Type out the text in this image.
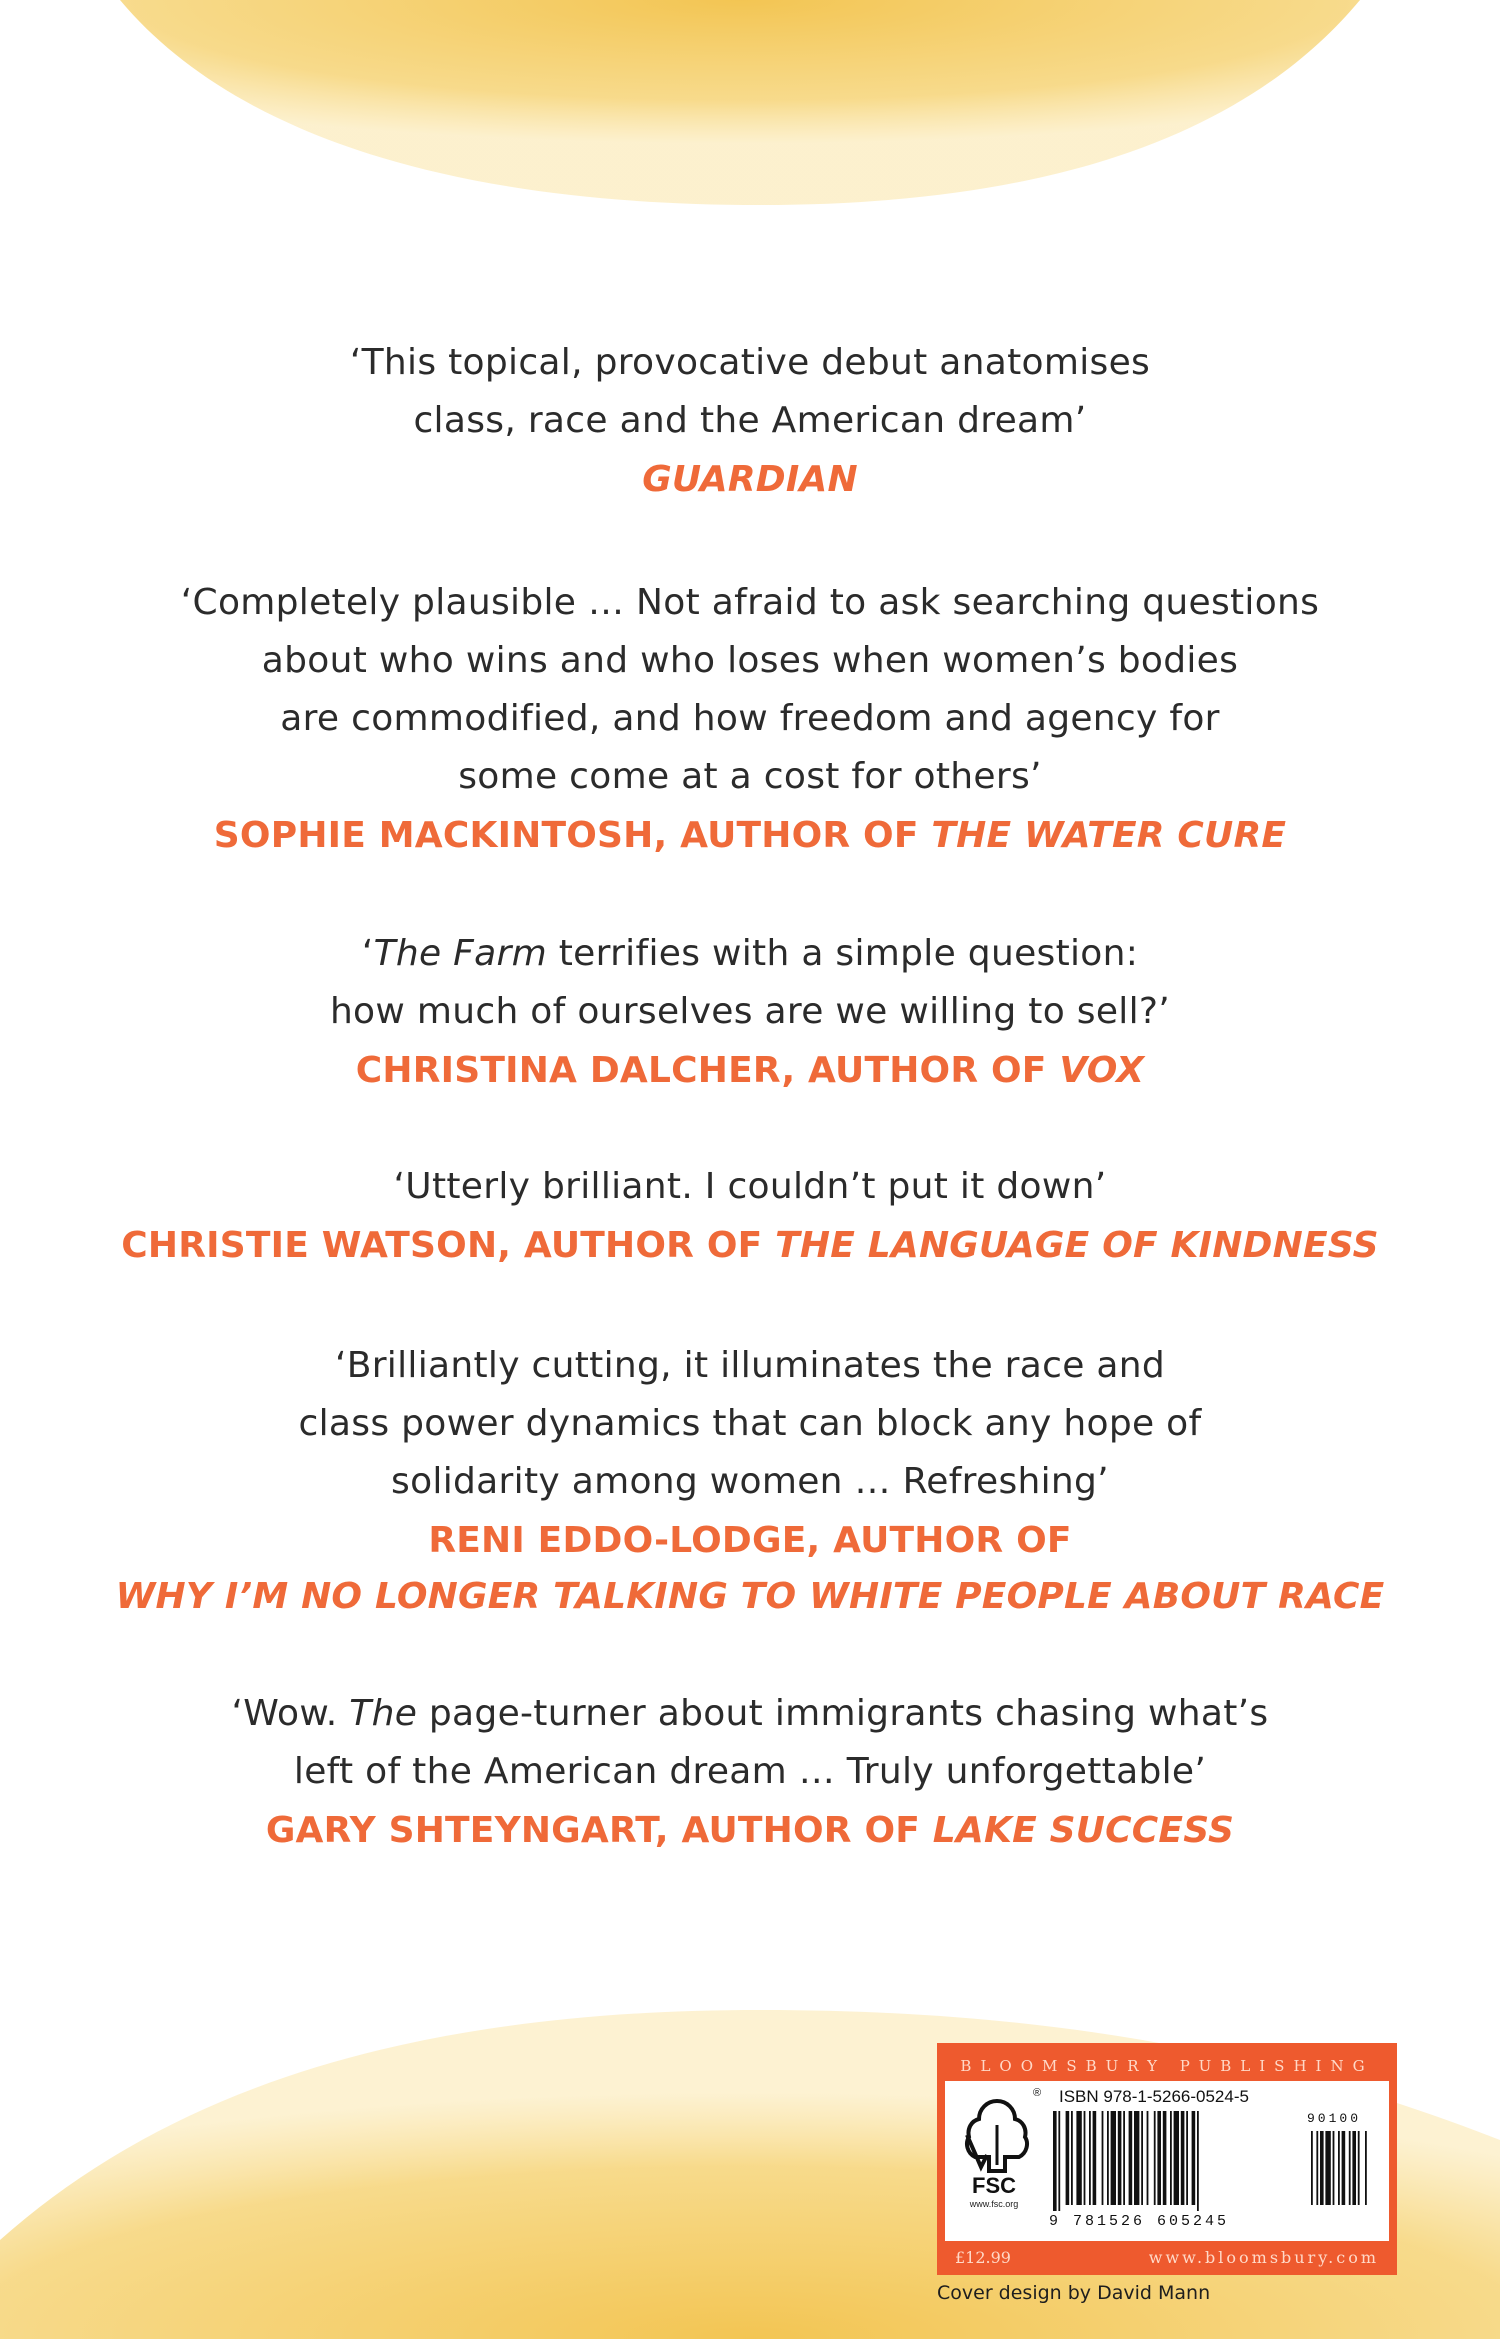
‘This topical, provocative debut anatomises
class, race and the American dream’
GUARDIAN
‘Completely plausible … Not afraid to ask searching questions
about who wins and who loses when women’s bodies
are commodified, and how freedom and agency for
some come at a cost for others’
SOPHIE MACKINTOSH, AUTHOR OF THE WATER CURE
‘The Farm terrifies with a simple question:
how much of ourselves are we willing to sell?’
CHRISTINA DALCHER, AUTHOR OF VOX
‘Utterly brilliant. I couldn’t put it down’
CHRISTIE WATSON, AUTHOR OF THE LANGUAGE OF KINDNESS
‘Brilliantly cutting, it illuminates the race and
class power dynamics that can block any hope of
solidarity among women … Refreshing’
RENI EDDO-LODGE, AUTHOR OF
WHY I’M NO LONGER TALKING TO WHITE PEOPLE ABOUT RACE
‘Wow. The page-turner about immigrants chasing what’s
left of the American dream … Truly unforgettable’
GARY SHTEYNGART, AUTHOR OF LAKE SUCCESS
BLOOMSBURY PUBLISHING
®
FSC
www.fsc.org
ISBN 978-1-5266-0524-5
90100
9 781526 605245
£12.99	www.bloomsbury.com
Cover design by David Mann
